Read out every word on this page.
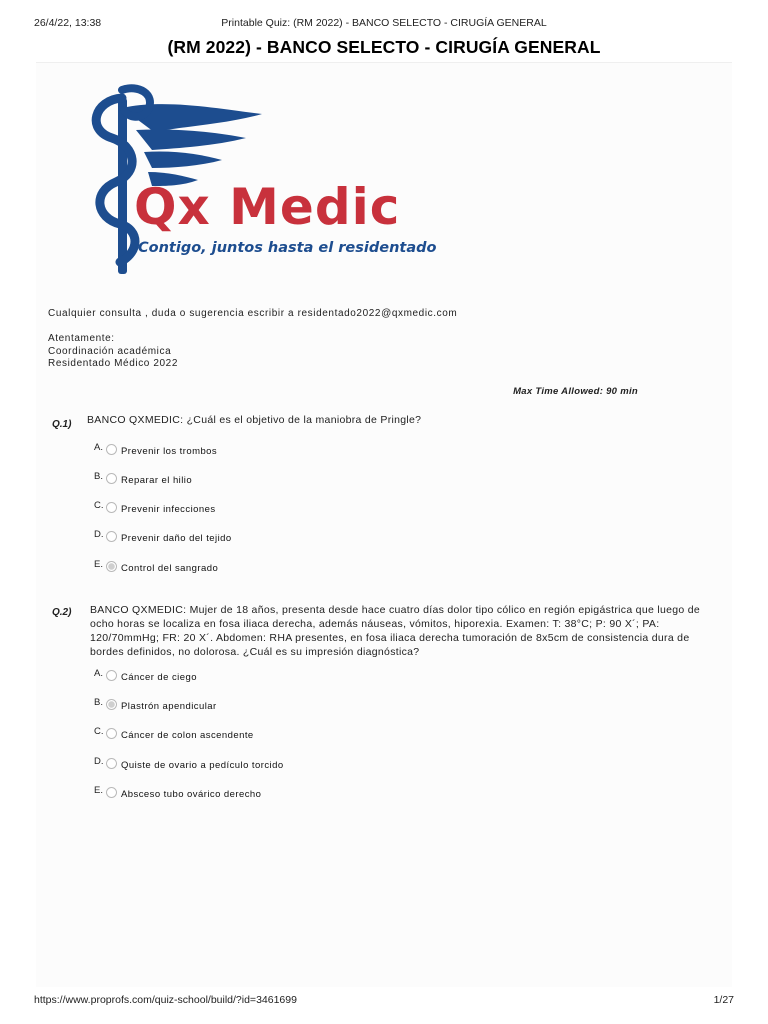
26/4/22, 13:38	Printable Quiz: (RM 2022) - BANCO SELECTO - CIRUGÍA GENERAL
(RM 2022) - BANCO SELECTO - CIRUGÍA GENERAL
Qx Medic
Contigo, juntos hasta el residentado
Cualquier consulta , duda o sugerencia escribir a residentado2022@qxmedic.com
Atentamente:
Coordinación académica
Residentado Médico 2022
Max Time Allowed: 90 min
Q.1) BANCO QXMEDIC: ¿Cuál es el objetivo de la maniobra de Pringle?
A. Prevenir los trombos
B. Reparar el hilio
C. Prevenir infecciones
D. Prevenir daño del tejido
E. Control del sangrado
Q.2) BANCO QXMEDIC: Mujer de 18 años, presenta desde hace cuatro días dolor tipo cólico en región epigástrica que luego de ocho horas se localiza en fosa iliaca derecha, además náuseas, vómitos, hiporexia. Examen: T: 38°C; P: 90 X´; PA: 120/70mmHg; FR: 20 X´. Abdomen: RHA presentes, en fosa iliaca derecha tumoración de 8x5cm de consistencia dura de bordes definidos, no dolorosa. ¿Cuál es su impresión diagnóstica?
A. Cáncer de ciego
B. Plastrón apendicular
C. Cáncer de colon ascendente
D. Quiste de ovario a pedículo torcido
E. Absceso tubo ovárico derecho
https://www.proprofs.com/quiz-school/build/?id=3461699	1/27
